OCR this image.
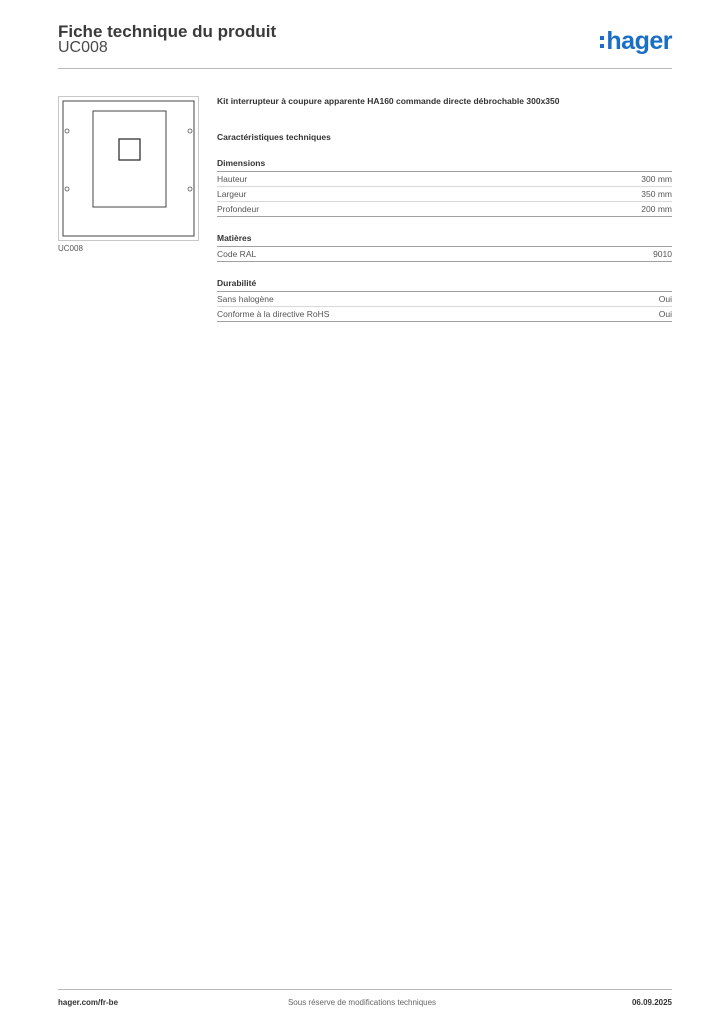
Fiche technique du produit
UC008	hager
UC008
Kit interrupteur à coupure apparente HA160 commande directe débrochable 300x350
Caractéristiques techniques
Dimensions
Hauteur	300 mm
Largeur	350 mm
Profondeur	200 mm
Matières
Code RAL	9010
Durabilité
Sans halogène	Oui
Conforme à la directive RoHS	Oui
hager.com/fr-be	Sous réserve de modifications techniques	06.09.2025
